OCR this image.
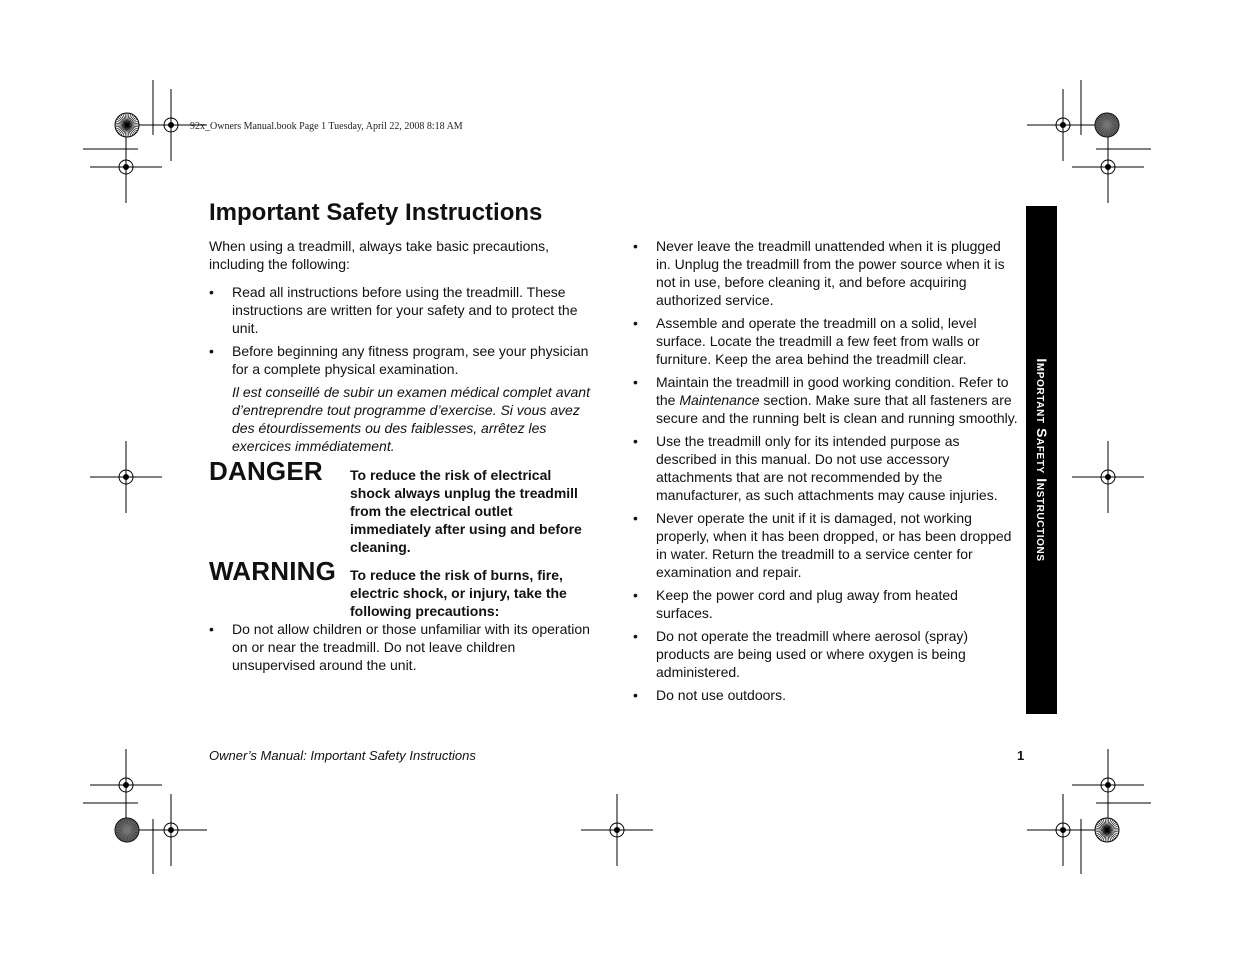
92x_Owners Manual.book Page 1 Tuesday, April 22, 2008 8:18 AM
Important Safety Instructions

When using a treadmill, always take basic precautions, including the following:

• Read all instructions before using the treadmill. These instructions are written for your safety and to protect the unit.
• Before beginning any fitness program, see your physician for a complete physical examination.

Il est conseillé de subir un examen médical complet avant d’entreprendre tout programme d’exercise. Si vous avez des étourdissements ou des faiblesses, arrêtez les exercices immédiatement.

DANGER To reduce the risk of electrical shock always unplug the treadmill from the electrical outlet immediately after using and before cleaning.
WARNING To reduce the risk of burns, fire, electric shock, or injury, take the following precautions:
• Do not allow children or those unfamiliar with its operation on or near the treadmill. Do not leave children unsupervised around the unit.
• Never leave the treadmill unattended when it is plugged in. Unplug the treadmill from the power source when it is not in use, before cleaning it, and before acquiring authorized service.
• Assemble and operate the treadmill on a solid, level surface. Locate the treadmill a few feet from walls or furniture. Keep the area behind the treadmill clear.
• Maintain the treadmill in good working condition. Refer to the Maintenance section. Make sure that all fasteners are secure and the running belt is clean and running smoothly.
• Use the treadmill only for its intended purpose as described in this manual. Do not use accessory attachments that are not recommended by the manufacturer, as such attachments may cause injuries.
• Never operate the unit if it is damaged, not working properly, when it has been dropped, or has been dropped in water. Return the treadmill to a service center for examination and repair.
• Keep the power cord and plug away from heated surfaces.
• Do not operate the treadmill where aerosol (spray) products are being used or where oxygen is being administered.
• Do not use outdoors.
Important Safety Instructions
Owner’s Manual: Important Safety Instructions	1
